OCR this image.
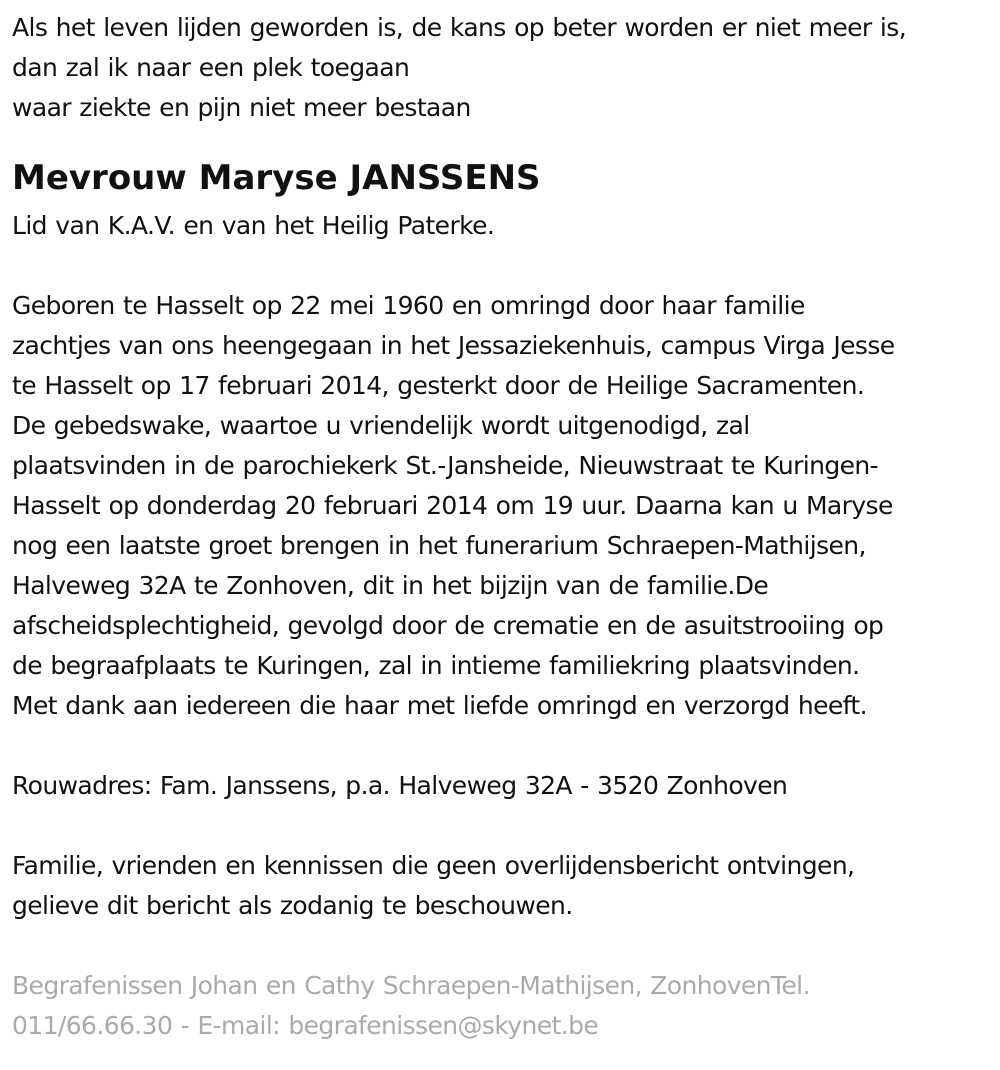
Als het leven lijden geworden is, de kans op beter worden er niet meer is,
dan zal ik naar een plek toegaan
waar ziekte en pijn niet meer bestaan
Mevrouw Maryse JANSSENS
Lid van K.A.V. en van het Heilig Paterke.
Geboren te Hasselt op 22 mei 1960 en omringd door haar familie
zachtjes van ons heengegaan in het Jessaziekenhuis, campus Virga Jesse
te Hasselt op 17 februari 2014, gesterkt door de Heilige Sacramenten.
De gebedswake, waartoe u vriendelijk wordt uitgenodigd, zal
plaatsvinden in de parochiekerk St.-Jansheide, Nieuwstraat te Kuringen-
Hasselt op donderdag 20 februari 2014 om 19 uur. Daarna kan u Maryse
nog een laatste groet brengen in het funerarium Schraepen-Mathijsen,
Halveweg 32A te Zonhoven, dit in het bijzijn van de familie.De
afscheidsplechtigheid, gevolgd door de crematie en de asuitstrooiing op
de begraafplaats te Kuringen, zal in intieme familiekring plaatsvinden.
Met dank aan iedereen die haar met liefde omringd en verzorgd heeft.
Rouwadres: Fam. Janssens, p.a. Halveweg 32A - 3520 Zonhoven
Familie, vrienden en kennissen die geen overlijdensbericht ontvingen,
gelieve dit bericht als zodanig te beschouwen.
Begrafenissen Johan en Cathy Schraepen-Mathijsen, ZonhovenTel.
011/66.66.30 - E-mail: begrafenissen@skynet.be
